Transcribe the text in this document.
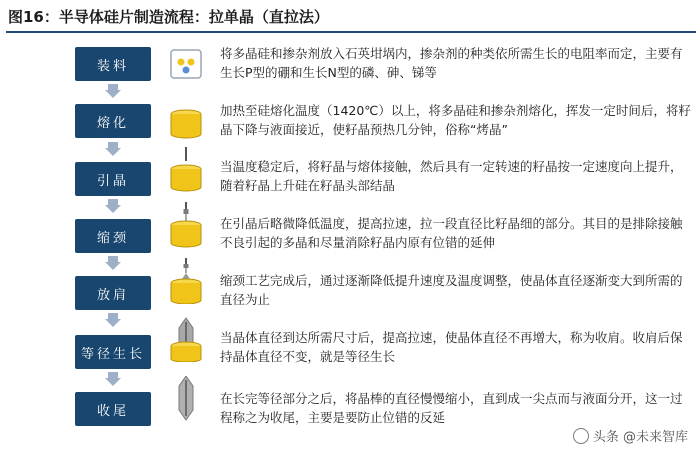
图16：半导体硅片制造流程：拉单晶（直拉法）
装料
将多晶硅和掺杂剂放入石英坩埚内，掺杂剂的种类依所需生长的电阻率而定，主要有生长P型的硼和生长N型的磷、砷、锑等
熔化
加热至硅熔化温度（1420℃）以上，将多晶硅和掺杂剂熔化，挥发一定时间后，将籽晶下降与液面接近，使籽晶预热几分钟，俗称“烤晶”
引晶
当温度稳定后，将籽晶与熔体接触，然后具有一定转速的籽晶按一定速度向上提升，随着籽晶上升硅在籽晶头部结晶
缩颈
在引晶后略微降低温度，提高拉速，拉一段直径比籽晶细的部分。其目的是排除接触不良引起的多晶和尽量消除籽晶内原有位错的延伸
放肩
缩颈工艺完成后，通过逐渐降低提升速度及温度调整，使晶体直径逐渐变大到所需的直径为止
等径生长
当晶体直径到达所需尺寸后，提高拉速，使晶体直径不再增大，称为收肩。收肩后保持晶体直径不变，就是等径生长
收尾
在长完等径部分之后，将晶棒的直径慢慢缩小，直到成一尖点而与液面分开，这一过程称之为收尾，主要是要防止位错的反延
头条 @未来智库
